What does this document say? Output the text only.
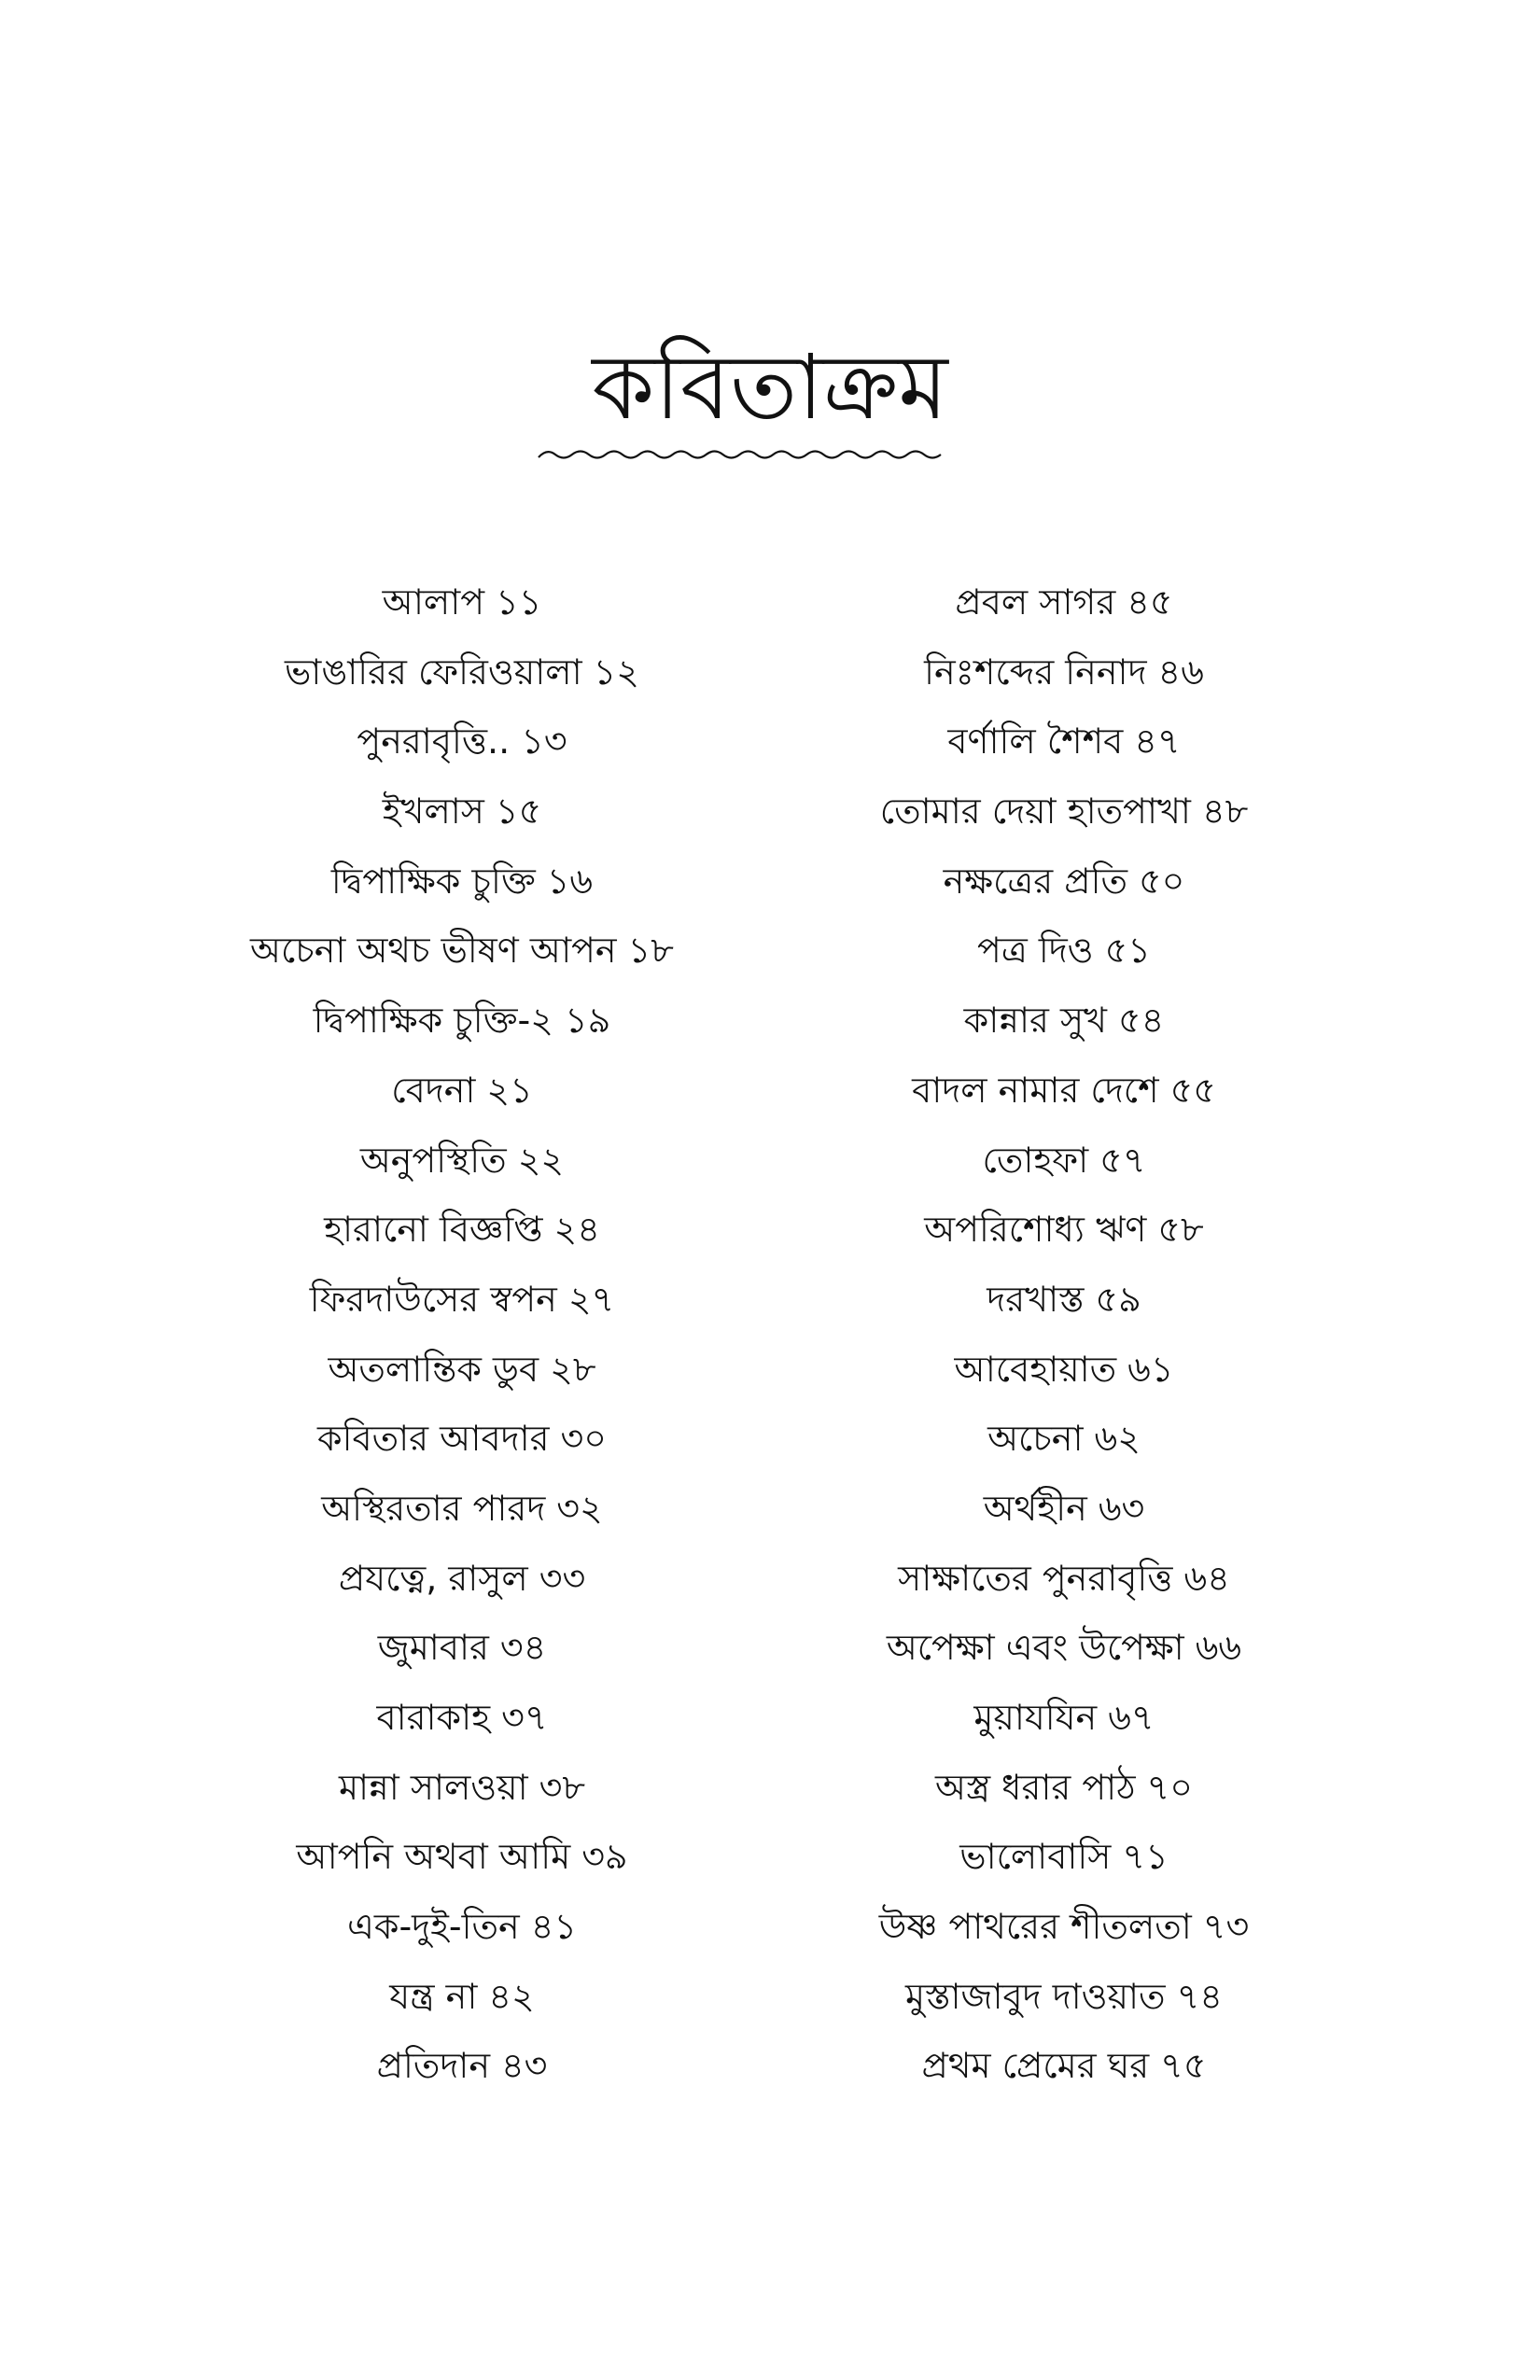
কবিতাক্রম
আলাপ ১১
ভাঙারির ফেরিওয়ালা ১২
পুনরাবৃত্তি.. ১৩
ইখলাস ১৫
দ্বিপাক্ষিক চুক্তি ১৬
অচেনা অথচ ভীষণ আপন ১৮
দ্বিপাক্ষিক চুক্তি-২ ১৯
বেদনা ২১
অনুপস্থিতি ২২
হারানো বিজ্ঞপ্তি ২৪
ফিরদাউসের স্বপন ২৭
অতলান্তিক ডুব ২৮
কবিতার আবদার ৩০
অস্থিরতার পারদ ৩২
প্রযত্নে, রাসুল ৩৩
জুমাবার ৩৪
বারাকাহ ৩৭
মান্না সালওয়া ৩৮
আপনি অথবা আমি ৩৯
এক-দুই-তিন ৪১
যন্ত্র না ৪২
প্রতিদান ৪৩
প্রবল সাগর ৪৫
নিঃশব্দের নিনাদ ৪৬
বর্ণালি শৈশব ৪৭
তোমার দেয়া হাতপাখা ৪৮
নক্ষত্রের প্রতি ৫০
পত্র দিও ৫১
কান্নার সুখ ৫৪
বাদল নামার দেশে ৫৫
তোহফা ৫৭
অপরিশোধ্য ঋণ ৫৮
দরখাস্ত ৫৯
আবেহায়াত ৬১
অচেনা ৬২
অর্থহীন ৬৩
সাক্ষাতের পুনরাবৃত্তি ৬৪
অপেক্ষা এবং উপেক্ষা ৬৬
মুয়াযযিন ৬৭
অস্ত্র ধরার পাঠ ৭০
ভালোবাসি ৭১
উষ্ণ পাথরের শীতলতা ৭৩
মুস্তাজাবুদ দাওয়াত ৭৪
প্রথম প্রেমের ঘর ৭৫
